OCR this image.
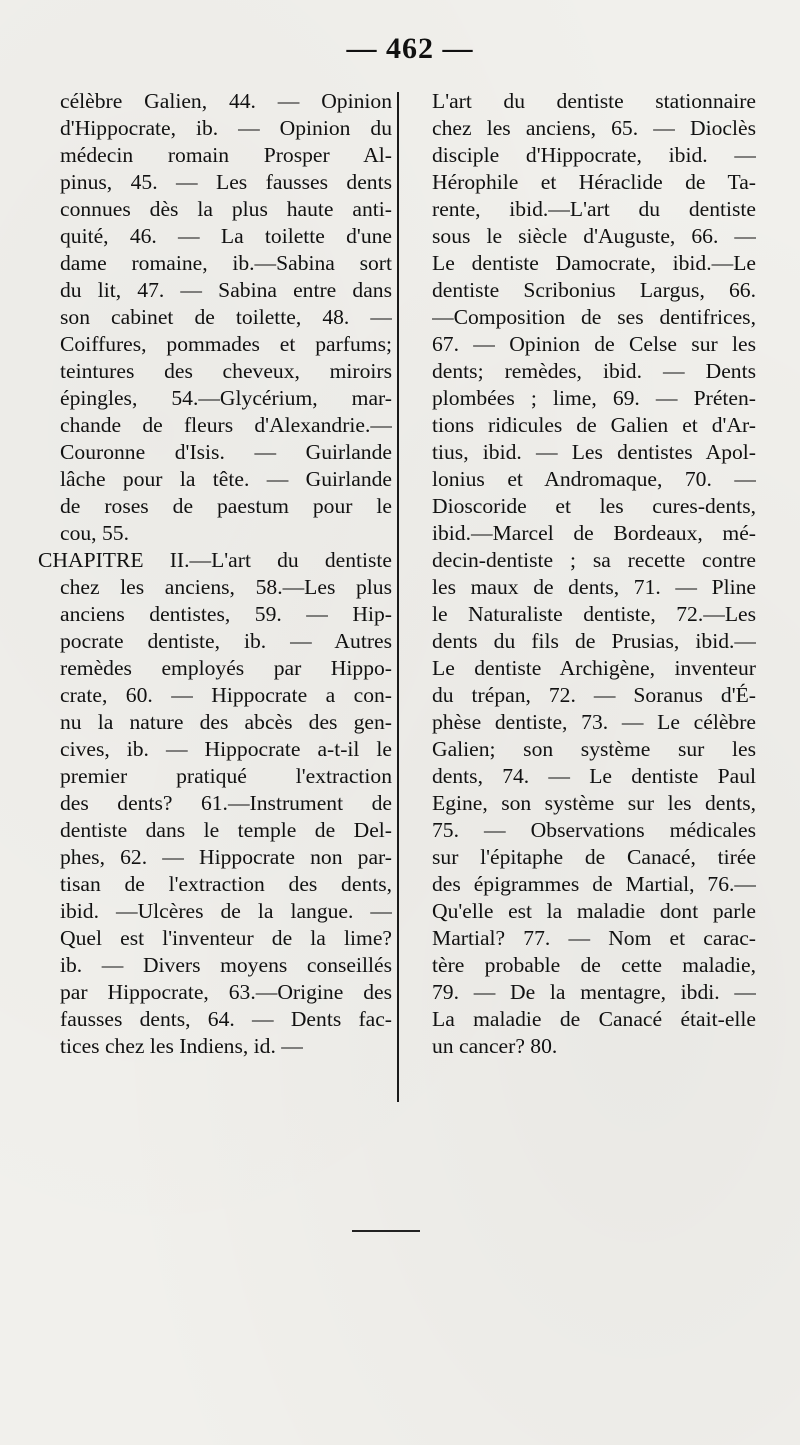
— 462 —
célèbre Galien, 44. — Opinion
d'Hippocrate, ib. — Opinion du
médecin romain Prosper Al-
pinus, 45. — Les fausses dents
connues dès la plus haute anti-
quité, 46. — La toilette d'une
dame romaine, ib.—Sabina sort
du lit, 47. — Sabina entre dans
son cabinet de toilette, 48. —
Coiffures, pommades et parfums;
teintures des cheveux, miroirs
épingles, 54.—Glycérium, mar-
chande de fleurs d'Alexandrie.—
Couronne d'Isis. — Guirlande
lâche pour la tête. — Guirlande
de roses de paestum pour le
cou, 55.
CHAPITRE II.—L'art du dentiste
chez les anciens, 58.—Les plus
anciens dentistes, 59. — Hip-
pocrate dentiste, ib. — Autres
remèdes employés par Hippo-
crate, 60. — Hippocrate a con-
nu la nature des abcès des gen-
cives, ib. — Hippocrate a-t-il le
premier pratiqué l'extraction
des dents? 61.—Instrument de
dentiste dans le temple de Del-
phes, 62. — Hippocrate non par-
tisan de l'extraction des dents,
ibid. —Ulcères de la langue. —
Quel est l'inventeur de la lime?
ib. — Divers moyens conseillés
par Hippocrate, 63.—Origine des
fausses dents, 64. — Dents fac-
tices chez les Indiens, id. —
L'art du dentiste stationnaire
chez les anciens, 65. — Dioclès
disciple d'Hippocrate, ibid. —
Hérophile et Héraclide de Ta-
rente, ibid.—L'art du dentiste
sous le siècle d'Auguste, 66. —
Le dentiste Damocrate, ibid.—Le
dentiste Scribonius Largus, 66.
—Composition de ses dentifrices,
67. — Opinion de Celse sur les
dents; remèdes, ibid. — Dents
plombées ; lime, 69. — Préten-
tions ridicules de Galien et d'Ar-
tius, ibid. — Les dentistes Apol-
lonius et Andromaque, 70. —
Dioscoride et les cures-dents,
ibid.—Marcel de Bordeaux, mé-
decin-dentiste ; sa recette contre
les maux de dents, 71. — Pline
le Naturaliste dentiste, 72.—Les
dents du fils de Prusias, ibid.—
Le dentiste Archigène, inventeur
du trépan, 72. — Soranus d'É-
phèse dentiste, 73. — Le célèbre
Galien; son système sur les
dents, 74. — Le dentiste Paul
Egine, son système sur les dents,
75. — Observations médicales
sur l'épitaphe de Canacé, tirée
des épigrammes de Martial, 76.—
Qu'elle est la maladie dont parle
Martial? 77. — Nom et carac-
tère probable de cette maladie,
79. — De la mentagre, ibdi. —
La maladie de Canacé était-elle
un cancer? 80.
